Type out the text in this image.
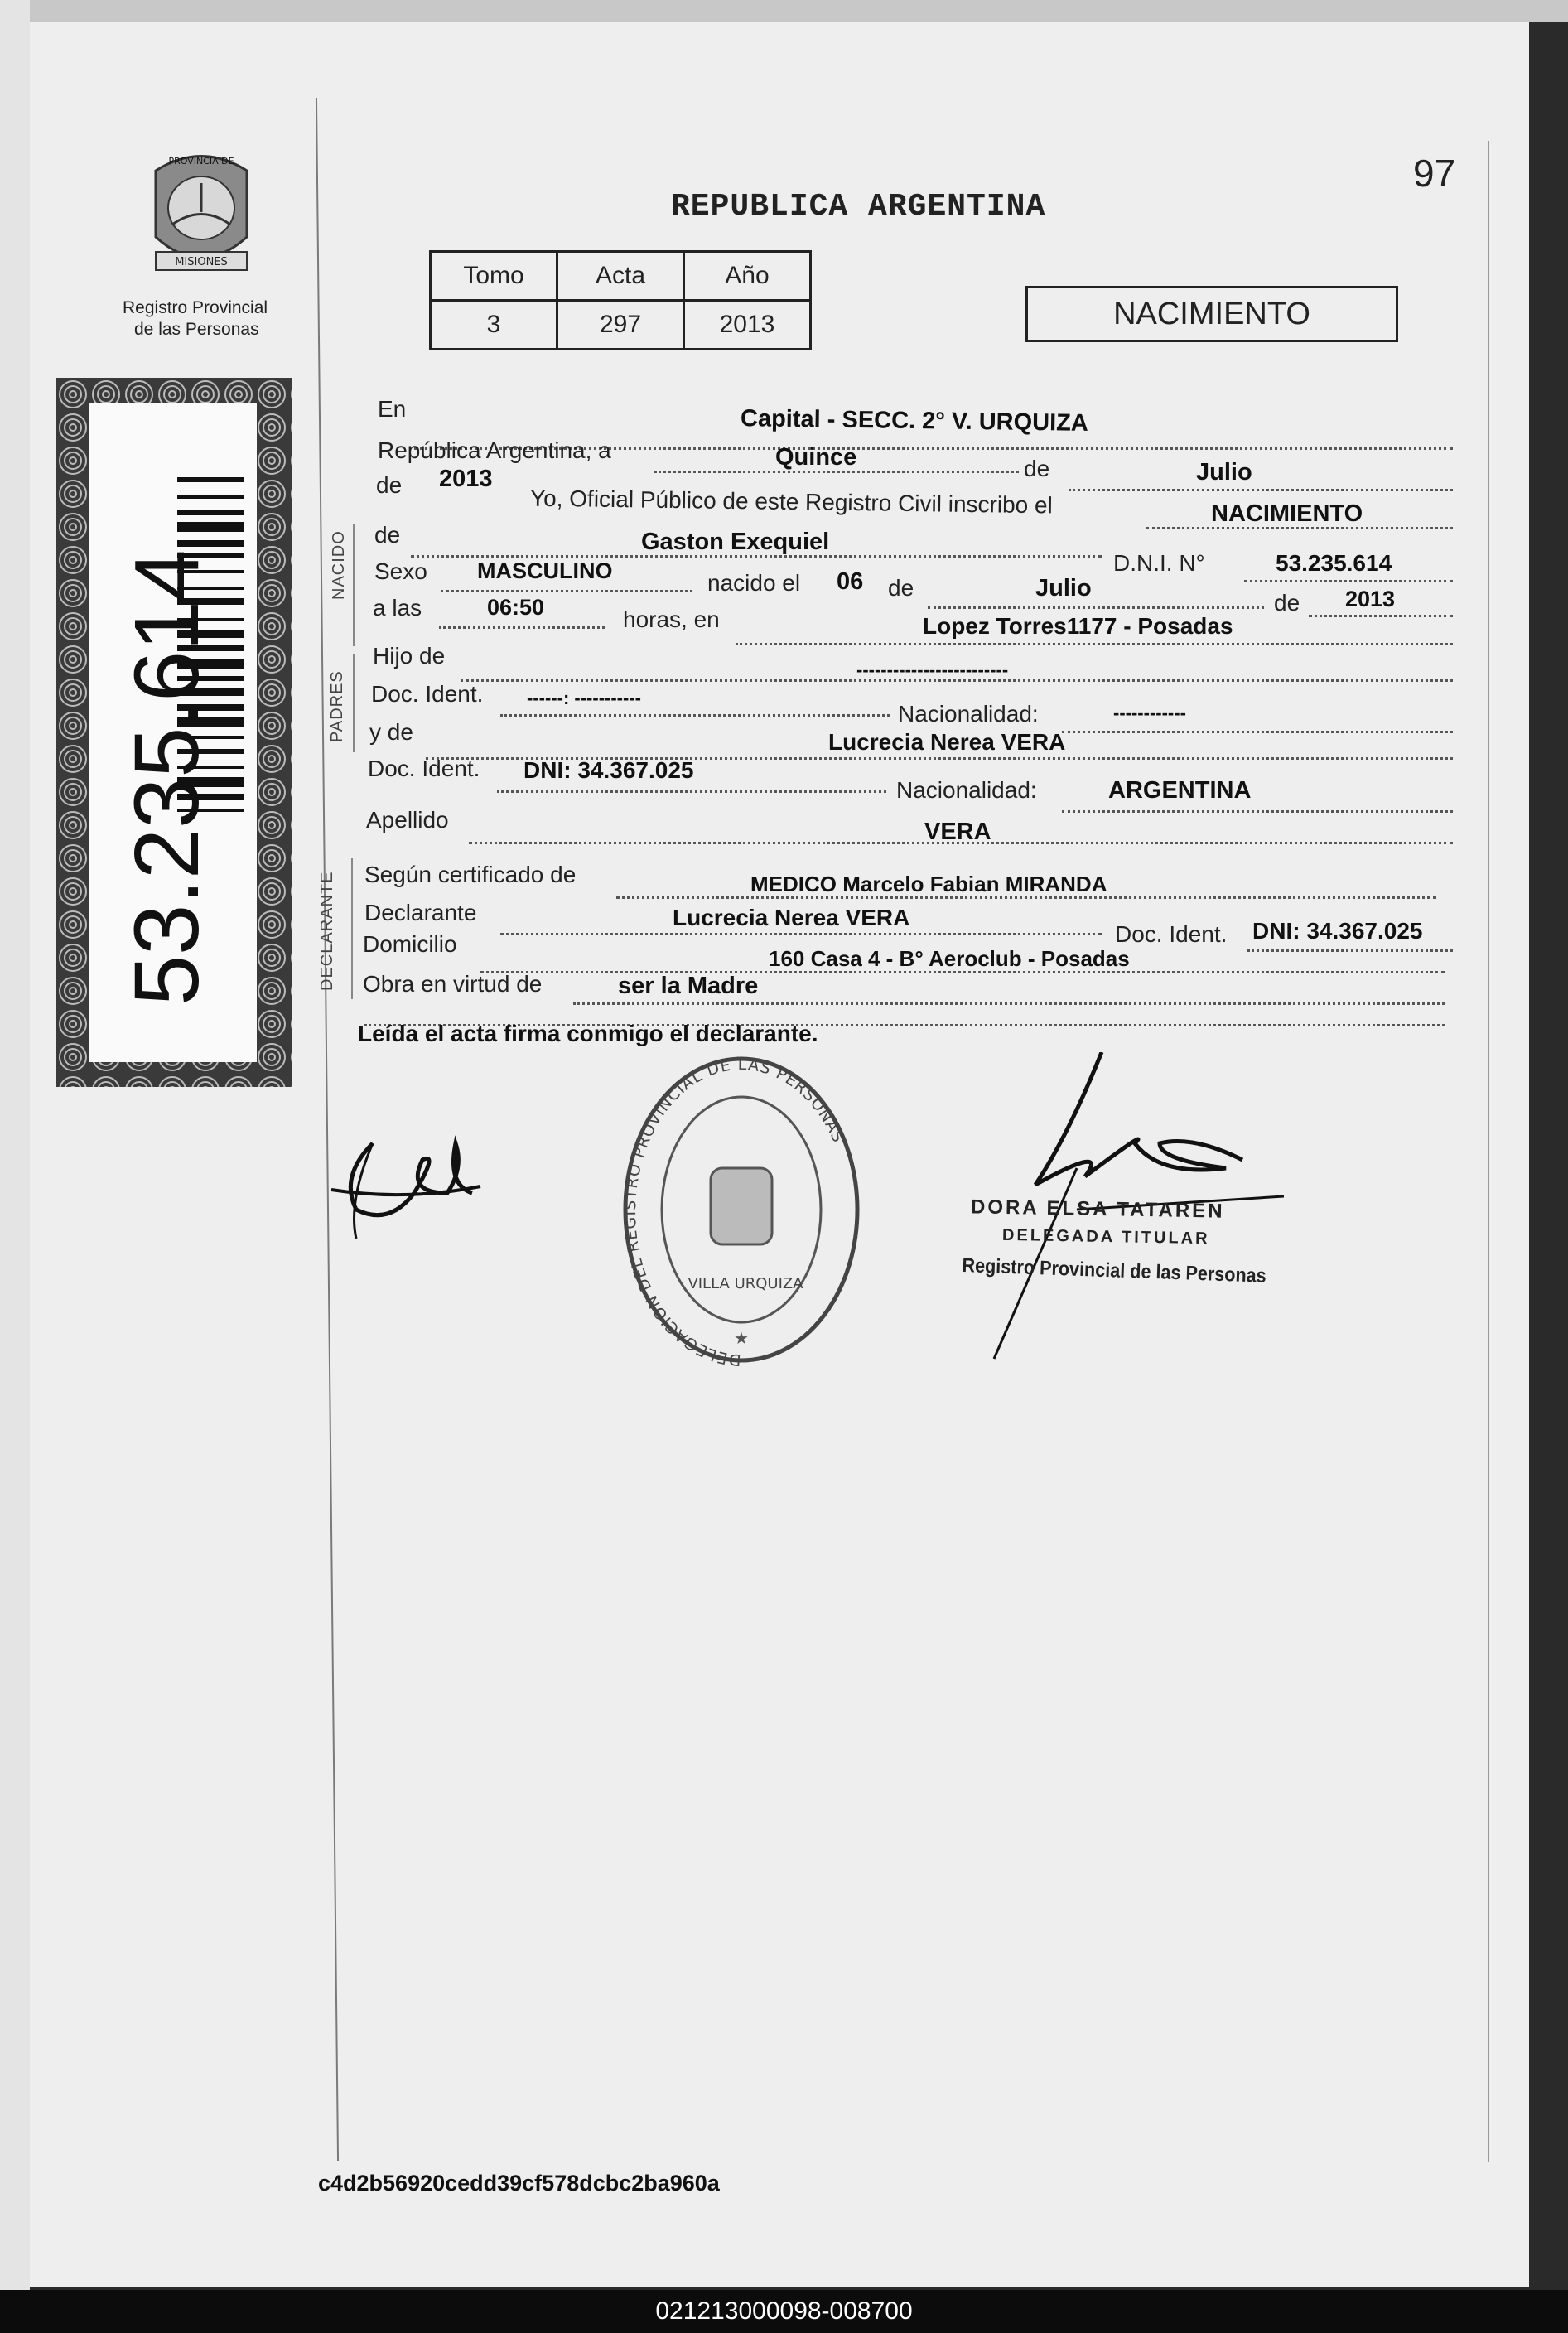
97
REPUBLICA ARGENTINA
MISIONES
PROVINCIA DE
Registro Provincial
de las Personas
53.235.614
Tomo	Acta	Año
3	297	2013	NACIMIENTO
NACIDO
PADRES
DECLARANTE
En	Capital - SECC. 2° V. URQUIZA
República Argentina, a	Quince	de	Julio
de 2013
Yo, Oficial Público de este Registro Civil inscribo el	NACIMIENTO
de	Gaston Exequiel
D.N.I. N°	53.235.614
Sexo MASCULINO	nacido el 06 de	Julio
de 2013
a las	06:50	horas, en	Lopez Torres1177 - Posadas
Hijo de
-------------------------
Doc. Ident. ------: -----------
Nacionalidad:	------------
y de	Lucrecia Nerea VERA
Doc. Ident. DNI: 34.367.025
Nacionalidad:	ARGENTINA
Apellido	VERA
Según certificado de	MEDICO Marcelo Fabian MIRANDA
Declarante	Lucrecia Nerea VERA
Doc. Ident. DNI: 34.367.025
Domicilio
160 Casa 4 - B° Aeroclub - Posadas
Obra en virtud de	ser la Madre
Leída el acta firma conmigo el declarante.
DELEGACION DEL REGISTRO PROVINCIAL DE LAS PERSONAS
VILLA URQUIZA
★
DORA ELSA TATAREN
DELEGADA TITULAR
Registro Provincial de las Personas
c4d2b56920cedd39cf578dcbc2ba960a
021213000098-008700
